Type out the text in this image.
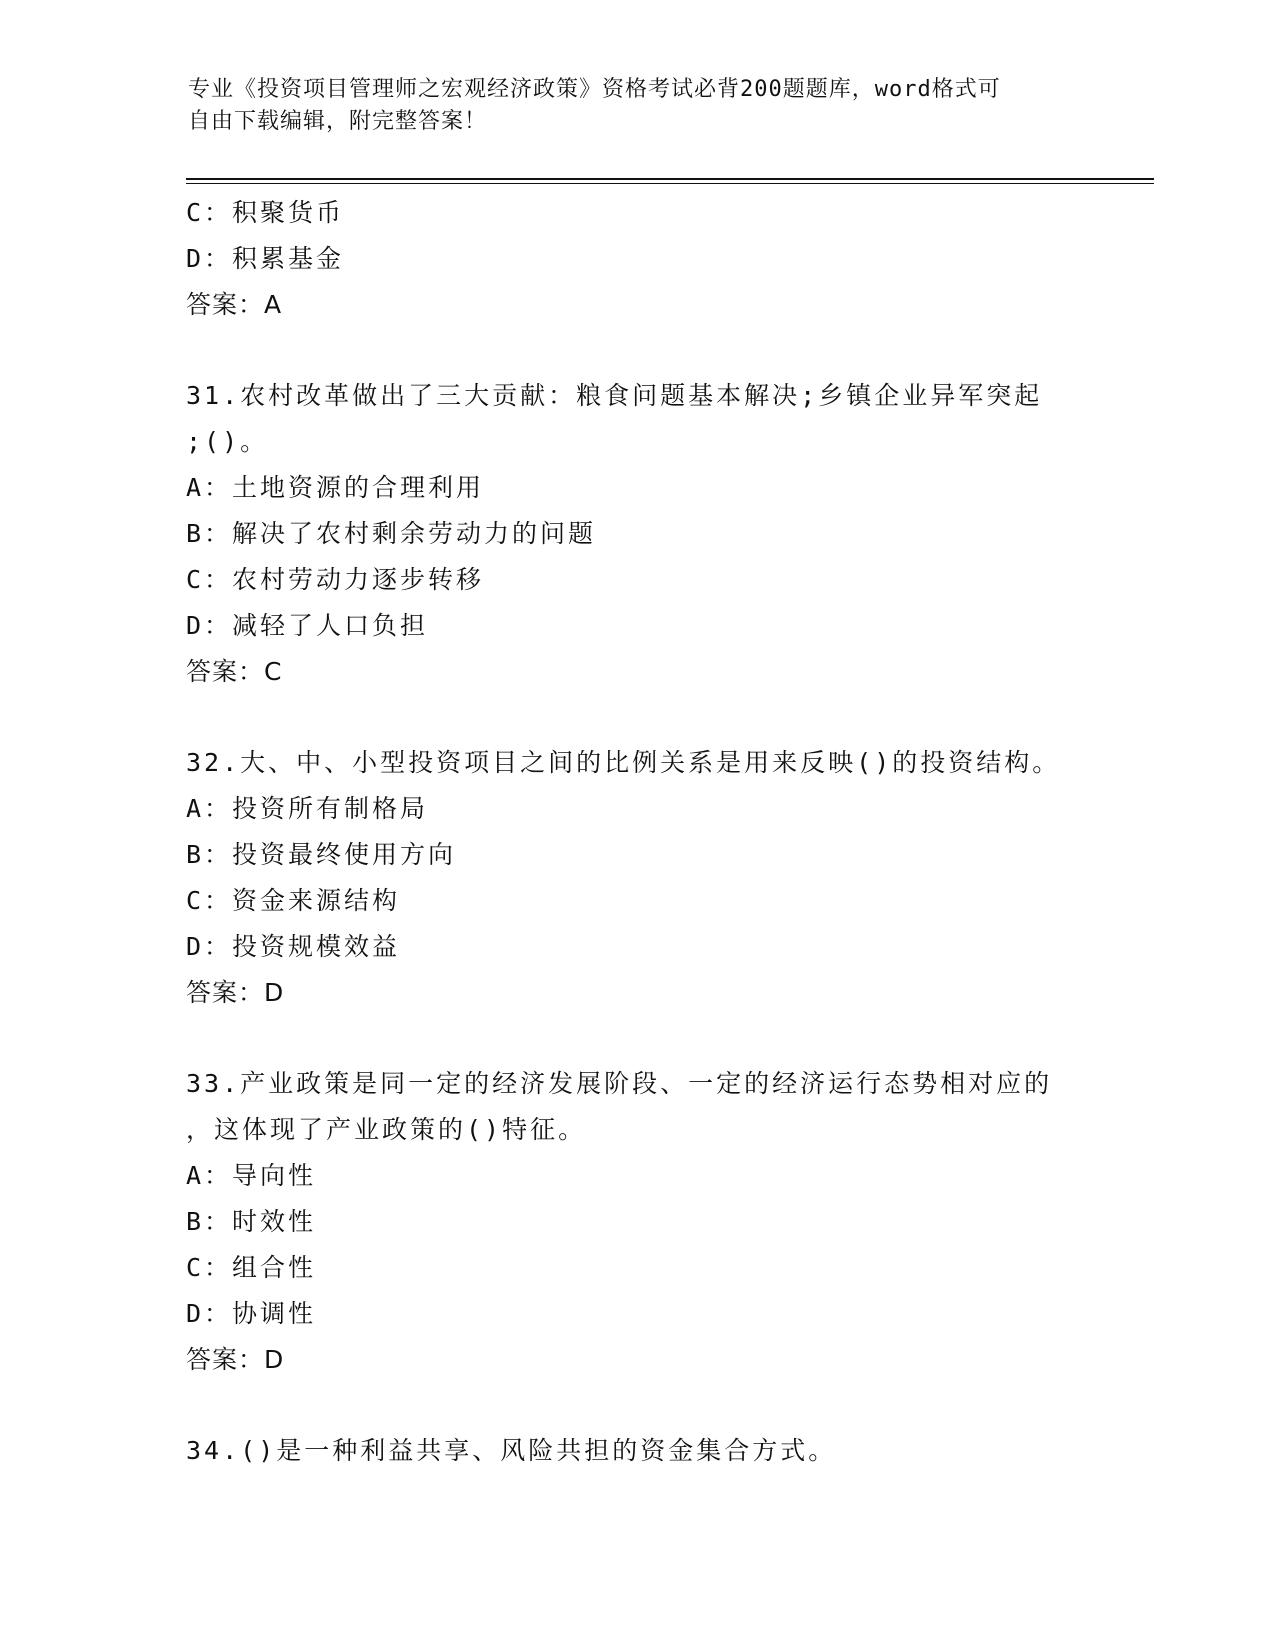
专业《投资项目管理师之宏观经济政策》资格考试必背200题题库，word格式可
自由下载编辑，附完整答案！
C：积聚货币
D：积累基金
答案：A
31.农村改革做出了三大贡献：粮食问题基本解决;乡镇企业异军突起
;()。
A：土地资源的合理利用
B：解决了农村剩余劳动力的问题
C：农村劳动力逐步转移
D：减轻了人口负担
答案：C
32.大、中、小型投资项目之间的比例关系是用来反映()的投资结构。
A：投资所有制格局
B：投资最终使用方向
C：资金来源结构
D：投资规模效益
答案：D
33.产业政策是同一定的经济发展阶段、一定的经济运行态势相对应的
，这体现了产业政策的()特征。
A：导向性
B：时效性
C：组合性
D：协调性
答案：D
34.()是一种利益共享、风险共担的资金集合方式。
